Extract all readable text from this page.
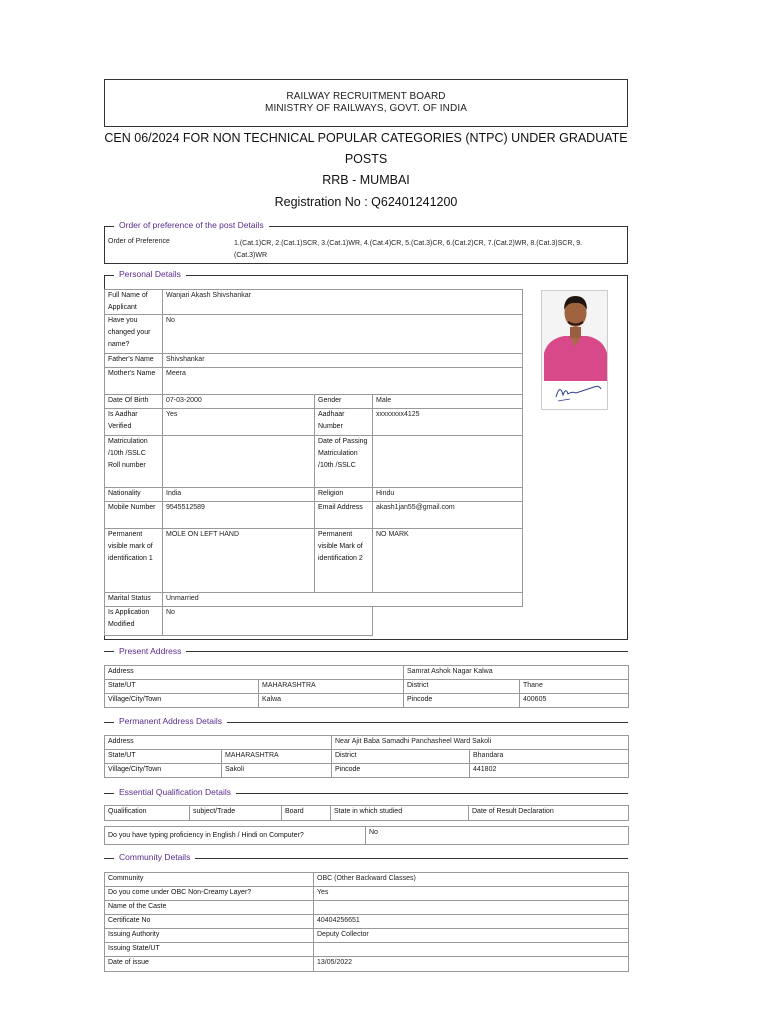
RAILWAY RECRUITMENT BOARD
MINISTRY OF RAILWAYS, GOVT. OF INDIA
CEN 06/2024 FOR NON TECHNICAL POPULAR CATEGORIES (NTPC) UNDER GRADUATE
POSTS
RRB - MUMBAI
Registration No : Q62401241200
Order of preference of the post Details
Order of Preference	1.(Cat.1)CR, 2.(Cat.1)SCR, 3.(Cat.1)WR, 4.(Cat.4)CR, 5.(Cat.3)CR, 6.(Cat.2)CR, 7.(Cat.2)WR, 8.(Cat.3)SCR, 9.(Cat.3)WR
Personal Details
Full Name of Applicant	Wanjari Akash Shivshankar		
Have you changed your name?	No		
Father's Name	Shivshankar		
Mother's Name	Meera		
Date Of Birth	07-03-2000	Gender	Male
Is Aadhar Verified	Yes	Aadhaar Number	xxxxxxxx4125
Matriculation /10th /SSLC Roll number		Date of Passing Matriculation /10th /SSLC	
Nationality	India	Religion	Hindu
Mobile Number	9545512589	Email Address	akash1jan55@gmail.com
Permanent visible mark of identification 1	MOLE ON LEFT HAND	Permanent visible Mark of identification 2	NO MARK
Marital Status	Unmarried		
Is Application Modified	No		
Present Address
Address		Samrat Ashok Nagar Kalwa	
State/UT	MAHARASHTRA	District	Thane
Village/City/Town	Kalwa	Pincode	400605
Permanent Address Details
Address		Near Ajit Baba Samadhi Panchasheel Ward Sakoli	
State/UT	MAHARASHTRA	District	Bhandara
Village/City/Town	Sakoli	Pincode	441802
Essential Qualification Details
Qualification	subject/Trade	Board	State in which studied	Date of Result Declaration
Do you have typing proficiency in English / Hindi on Computer?	No
Community Details
Community	OBC (Other Backward Classes)
Do you come under OBC Non-Creamy Layer?	Yes
Name of the Caste	
Certificate No	40404256651
Issuing Authority	Deputy Collector
Issuing State/UT	
Date of issue	13/05/2022
